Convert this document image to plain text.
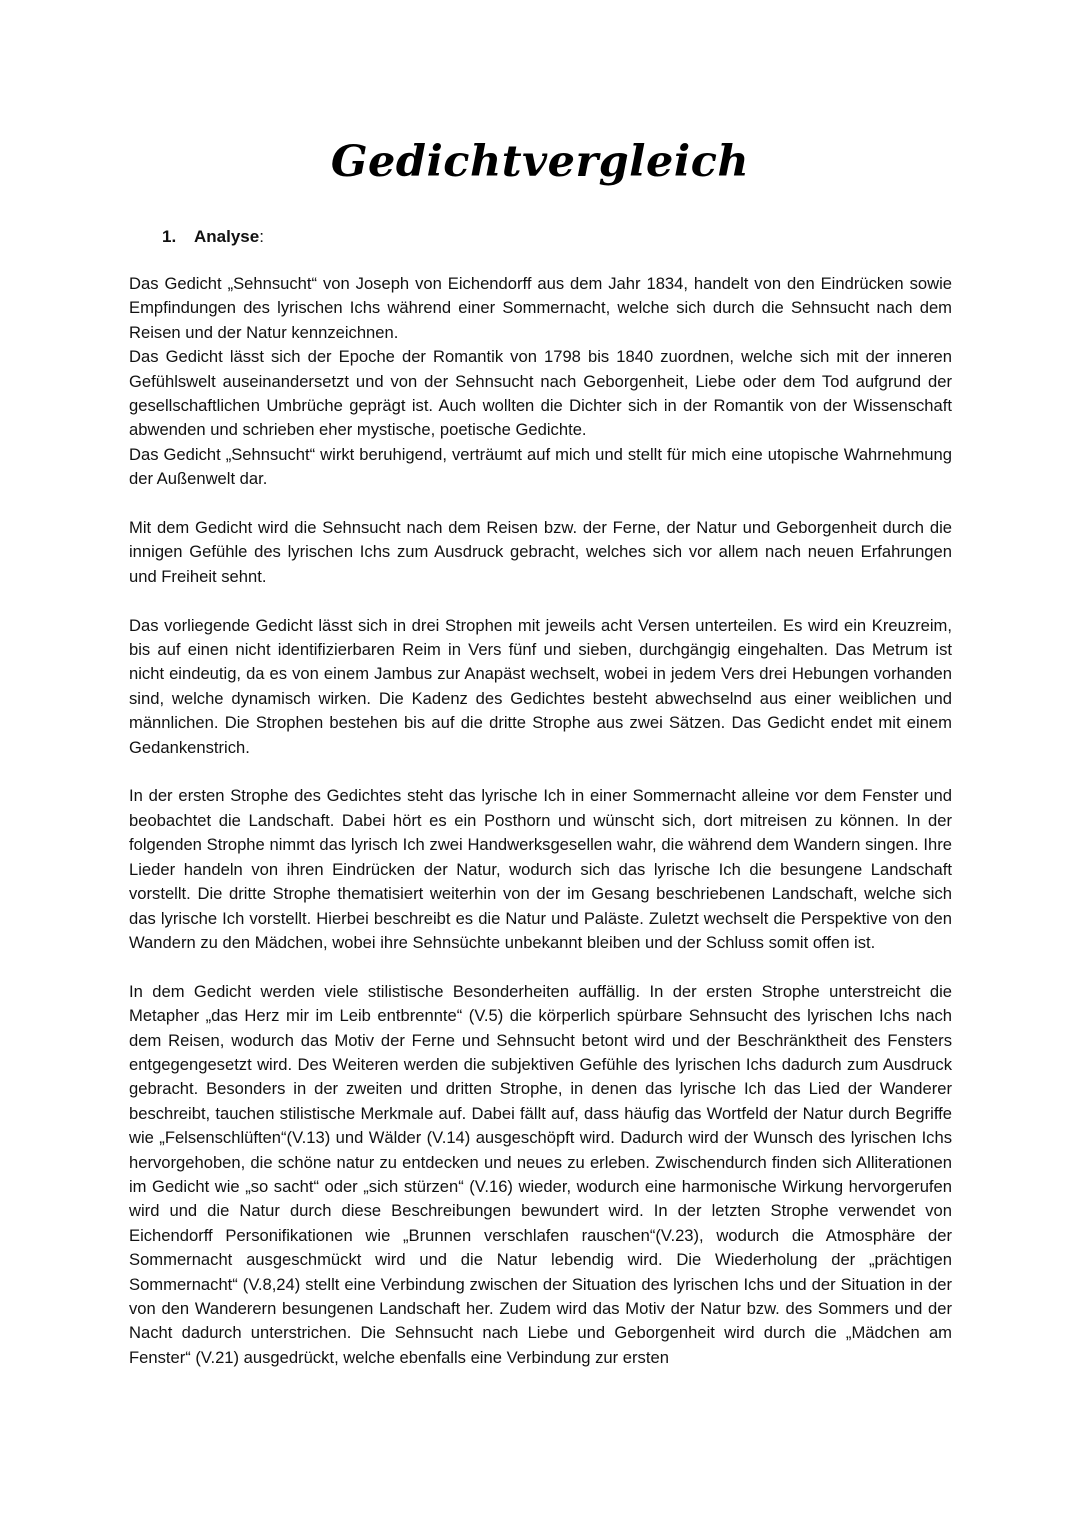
Gedichtvergleich
1. Analyse:

Das Gedicht „Sehnsucht“ von Joseph von Eichendorff aus dem Jahr 1834, handelt von den Eindrücken sowie Empfindungen des lyrischen Ichs während einer Sommernacht, welche sich durch die Sehnsucht nach dem Reisen und der Natur kennzeichnen.

Das Gedicht lässt sich der Epoche der Romantik von 1798 bis 1840 zuordnen, welche sich mit der inneren Gefühlswelt auseinandersetzt und von der Sehnsucht nach Geborgenheit, Liebe oder dem Tod aufgrund der gesellschaftlichen Umbrüche geprägt ist. Auch wollten die Dichter sich in der Romantik von der Wissenschaft abwenden und schrieben eher mystische, poetische Gedichte.

Das Gedicht „Sehnsucht“ wirkt beruhigend, verträumt auf mich und stellt für mich eine utopische Wahrnehmung der Außenwelt dar.

Mit dem Gedicht wird die Sehnsucht nach dem Reisen bzw. der Ferne, der Natur und Geborgenheit durch die innigen Gefühle des lyrischen Ichs zum Ausdruck gebracht, welches sich vor allem nach neuen Erfahrungen und Freiheit sehnt.

Das vorliegende Gedicht lässt sich in drei Strophen mit jeweils acht Versen unterteilen. Es wird ein Kreuzreim, bis auf einen nicht identifizierbaren Reim in Vers fünf und sieben, durchgängig eingehalten. Das Metrum ist nicht eindeutig, da es von einem Jambus zur Anapäst wechselt, wobei in jedem Vers drei Hebungen vorhanden sind, welche dynamisch wirken. Die Kadenz des Gedichtes besteht abwechselnd aus einer weiblichen und männlichen. Die Strophen bestehen bis auf die dritte Strophe aus zwei Sätzen. Das Gedicht endet mit einem Gedankenstrich.

In der ersten Strophe des Gedichtes steht das lyrische Ich in einer Sommernacht alleine vor dem Fenster und beobachtet die Landschaft. Dabei hört es ein Posthorn und wünscht sich, dort mitreisen zu können. In der folgenden Strophe nimmt das lyrisch Ich zwei Handwerksgesellen wahr, die während dem Wandern singen. Ihre Lieder handeln von ihren Eindrücken der Natur, wodurch sich das lyrische Ich die besungene Landschaft vorstellt. Die dritte Strophe thematisiert weiterhin von der im Gesang beschriebenen Landschaft, welche sich das lyrische Ich vorstellt. Hierbei beschreibt es die Natur und Paläste. Zuletzt wechselt die Perspektive von den Wandern zu den Mädchen, wobei ihre Sehnsüchte unbekannt bleiben und der Schluss somit offen ist.

In dem Gedicht werden viele stilistische Besonderheiten auffällig. In der ersten Strophe unterstreicht die Metapher „das Herz mir im Leib entbrennte“ (V.5) die körperlich spürbare Sehnsucht des lyrischen Ichs nach dem Reisen, wodurch das Motiv der Ferne und Sehnsucht betont wird und der Beschränktheit des Fensters entgegengesetzt wird. Des Weiteren werden die subjektiven Gefühle des lyrischen Ichs dadurch zum Ausdruck gebracht. Besonders in der zweiten und dritten Strophe, in denen das lyrische Ich das Lied der Wanderer beschreibt, tauchen stilistische Merkmale auf. Dabei fällt auf, dass häufig das Wortfeld der Natur durch Begriffe wie „Felsenschlüften“(V.13) und Wälder (V.14) ausgeschöpft wird. Dadurch wird der Wunsch des lyrischen Ichs hervorgehoben, die schöne natur zu entdecken und neues zu erleben. Zwischendurch finden sich Alliterationen im Gedicht wie „so sacht“ oder „sich stürzen“ (V.16) wieder, wodurch eine harmonische Wirkung hervorgerufen wird und die Natur durch diese Beschreibungen bewundert wird. In der letzten Strophe verwendet von Eichendorff Personifikationen wie „Brunnen verschlafen rauschen“(V.23), wodurch die Atmosphäre der Sommernacht ausgeschmückt wird und die Natur lebendig wird. Die Wiederholung der „prächtigen Sommernacht“ (V.8,24) stellt eine Verbindung zwischen der Situation des lyrischen Ichs und der Situation in der von den Wanderern besungenen Landschaft her. Zudem wird das Motiv der Natur bzw. des Sommers und der Nacht dadurch unterstrichen. Die Sehnsucht nach Liebe und Geborgenheit wird durch die „Mädchen am Fenster“ (V.21) ausgedrückt, welche ebenfalls eine Verbindung zur ersten
